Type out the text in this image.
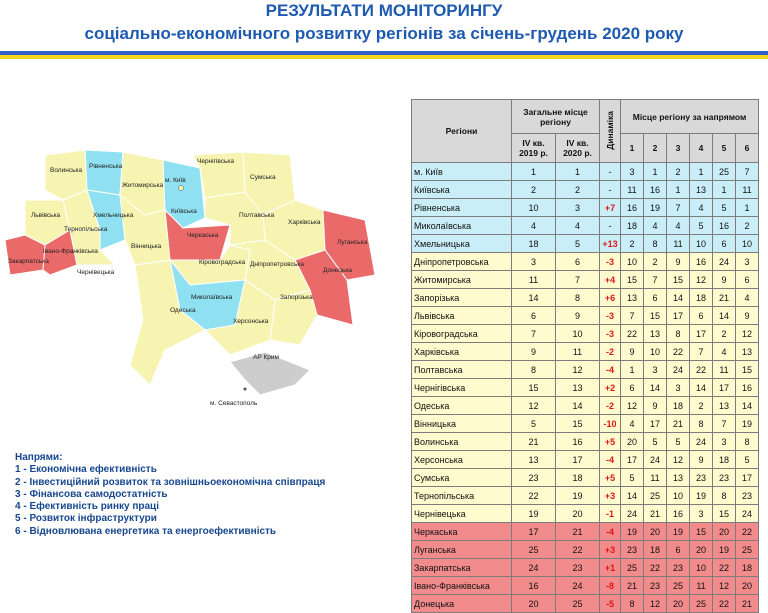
РЕЗУЛЬТАТИ МОНІТОРИНГУ
соціально-економічного розвитку регіонів за січень-грудень 2020 року
Волинська
Рівненська
Житомирська
Київська
м. Київ
Чернігівська
Сумська
Львівська
Тернопільська
Хмельницька
Вінницька
Черкаська
Полтавська
Харківська
Луганська
Закарпатська
Івано-Франківська
Чернівецька
Кіровоградська Дніпропетровська
Донецька
Миколаївська
Одеська
Запорізька
Херсонська
АР Крим
м. Севастополь
Напрями:
1 - Економічна ефективність
2 - Інвестиційний розвиток та зовнішньоекономічна співпраця
3 - Фінансова самодостатність
4 - Ефективність ринку праці
5 - Розвиток інфраструктури
6 - Відновлювана енергетика та енергоефективність
Регіони	Загальне місце регіону		Динаміка	Місце регіону за напрямом					
	IV кв. 2019 р.	IV кв. 2020 р.		1	2	3	4	5	6
м. Київ	1	1	-	3	1	2	1	25	7
Київська	2	2	-	11	16	1	13	1	11
Рівненська	10	3	+7	16	19	7	4	5	1
Миколаївська	4	4	-	18	4	4	5	16	2
Хмельницька	18	5	+13	2	8	11	10	6	10
Дніпропетровська	3	6	-3	10	2	9	16	24	3
Житомирська	11	7	+4	15	7	15	12	9	6
Запорізька	14	8	+6	13	6	14	18	21	4
Львівська	6	9	-3	7	15	17	6	14	9
Кіровоградська	7	10	-3	22	13	8	17	2	12
Харківська	9	11	-2	9	10	22	7	4	13
Полтавська	8	12	-4	1	3	24	22	11	15
Чернігівська	15	13	+2	6	14	3	14	17	16
Одеська	12	14	-2	12	9	18	2	13	14
Вінницька	5	15	-10	4	17	21	8	7	19
Волинська	21	16	+5	20	5	5	24	3	8
Херсонська	13	17	-4	17	24	12	9	18	5
Сумська	23	18	+5	5	11	13	23	23	17
Тернопільська	22	19	+3	14	25	10	19	8	23
Чернівецька	19	20	-1	24	21	16	3	15	24
Черкаська	17	21	-4	19	20	19	15	20	22
Луганська	25	22	+3	23	18	6	20	19	25
Закарпатська	24	23	+1	25	22	23	10	22	18
Івано-Франківська	16	24	-8	21	23	25	11	12	20
Донецька	20	25	-5	8	12	20	25	22	21
